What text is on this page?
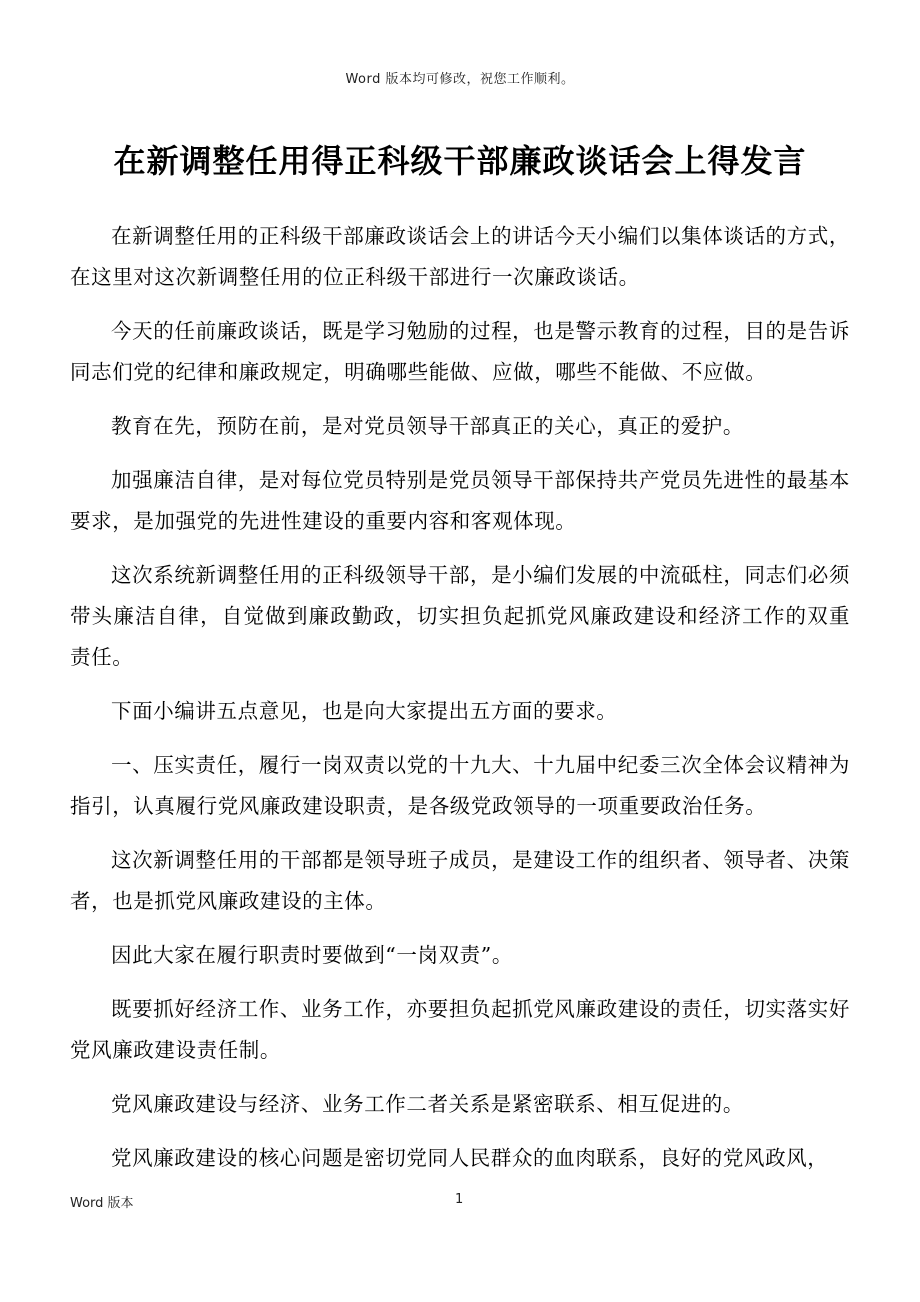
Word 版本均可修改，祝您工作顺利。
在新调整任用得正科级干部廉政谈话会上得发言

在新调整任用的正科级干部廉政谈话会上的讲话今天小编们以集体谈话的方式，在这里对这次新调整任用的位正科级干部进行一次廉政谈话。

今天的任前廉政谈话，既是学习勉励的过程，也是警示教育的过程，目的是告诉同志们党的纪律和廉政规定，明确哪些能做、应做，哪些不能做、不应做。

教育在先，预防在前，是对党员领导干部真正的关心，真正的爱护。

加强廉洁自律，是对每位党员特别是党员领导干部保持共产党员先进性的最基本要求，是加强党的先进性建设的重要内容和客观体现。

这次系统新调整任用的正科级领导干部，是小编们发展的中流砥柱，同志们必须带头廉洁自律，自觉做到廉政勤政，切实担负起抓党风廉政建设和经济工作的双重责任。

下面小编讲五点意见，也是向大家提出五方面的要求。

一、压实责任，履行一岗双责以党的十九大、十九届中纪委三次全体会议精神为指引，认真履行党风廉政建设职责，是各级党政领导的一项重要政治任务。

这次新调整任用的干部都是领导班子成员，是建设工作的组织者、领导者、决策者，也是抓党风廉政建设的主体。

因此大家在履行职责时要做到“一岗双责”。

既要抓好经济工作、业务工作，亦要担负起抓党风廉政建设的责任，切实落实好党风廉政建设责任制。

党风廉政建设与经济、业务工作二者关系是紧密联系、相互促进的。

党风廉政建设的核心问题是密切党同人民群众的血肉联系，良好的党风政风，

Word 版本	1
